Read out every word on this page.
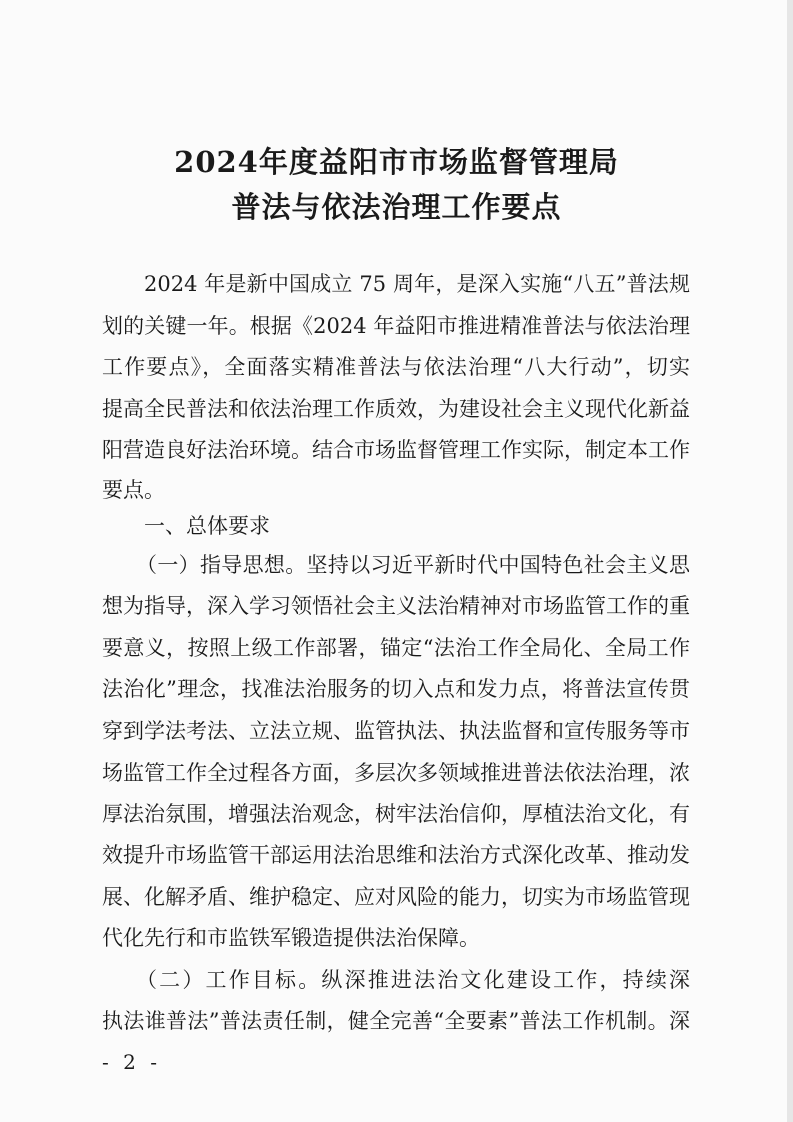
2024年度益阳市市场监督管理局
普法与依法治理工作要点
2024 年是新中国成立 75 周年，是深入实施“八五”普法规
划的关键一年。根据《2024 年益阳市推进精准普法与依法治理
工作要点》，全面落实精准普法与依法治理“八大行动”，切实
提高全民普法和依法治理工作质效，为建设社会主义现代化新益
阳营造良好法治环境。结合市场监督管理工作实际，制定本工作
要点。
一、总体要求
（一）指导思想。坚持以习近平新时代中国特色社会主义思
想为指导，深入学习领悟社会主义法治精神对市场监管工作的重
要意义，按照上级工作部署，锚定“法治工作全局化、全局工作
法治化”理念，找准法治服务的切入点和发力点，将普法宣传贯
穿到学法考法、立法立规、监管执法、执法监督和宣传服务等市
场监管工作全过程各方面，多层次多领域推进普法依法治理，浓
厚法治氛围，增强法治观念，树牢法治信仰，厚植法治文化，有
效提升市场监管干部运用法治思维和法治方式深化改革、推动发
展、化解矛盾、维护稳定、应对风险的能力，切实为市场监管现
代化先行和市监铁军锻造提供法治保障。
（二）工作目标。纵深推进法治文化建设工作，持续深
执法谁普法”普法责任制，健全完善“全要素”普法工作机制。深
- 2 -
